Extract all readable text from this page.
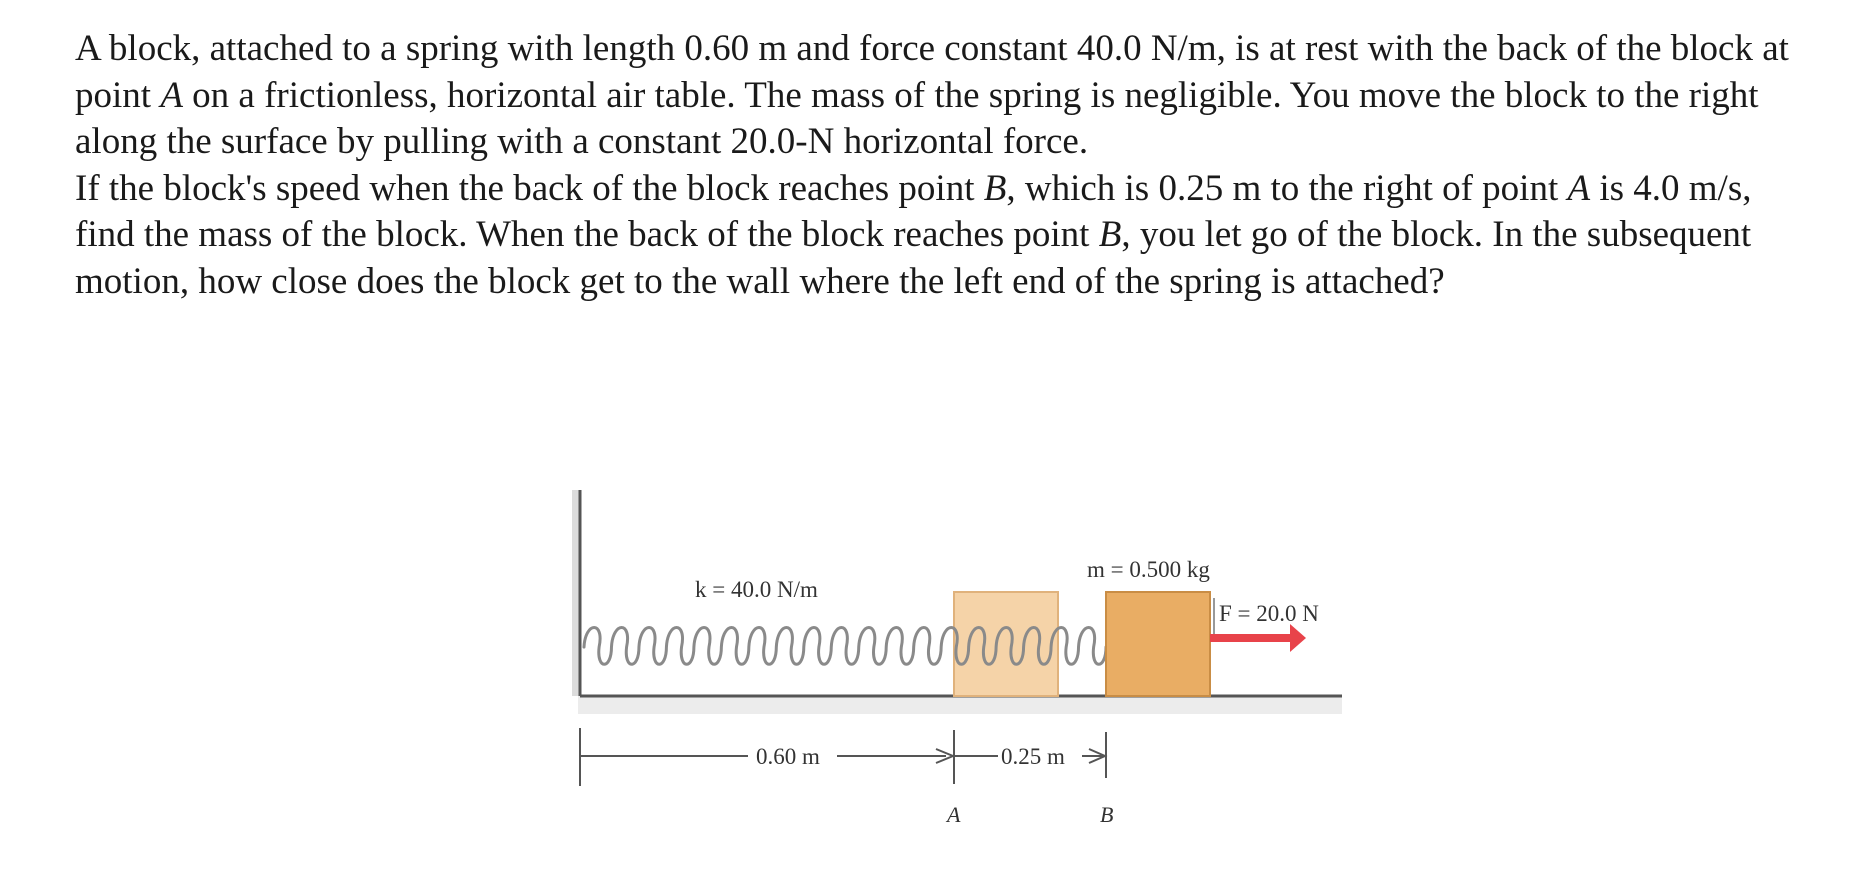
A block, attached to a spring with length 0.60 m and force constant 40.0 N/m, is at rest with the back of the block at point A on a frictionless, horizontal air table. The mass of the spring is negligible. You move the block to the right along the surface by pulling with a constant 20.0-N horizontal force.

If the block's speed when the back of the block reaches point B, which is 0.25 m to the right of point A is 4.0 m/s, find the mass of the block. When the back of the block reaches point B, you let go of the block. In the subsequent motion, how close does the block get to the wall where the left end of the spring is attached?

k = 40.0 N/m
m = 0.500 kg
F = 20.0 N
0.60 m	0.25 m
A	B
